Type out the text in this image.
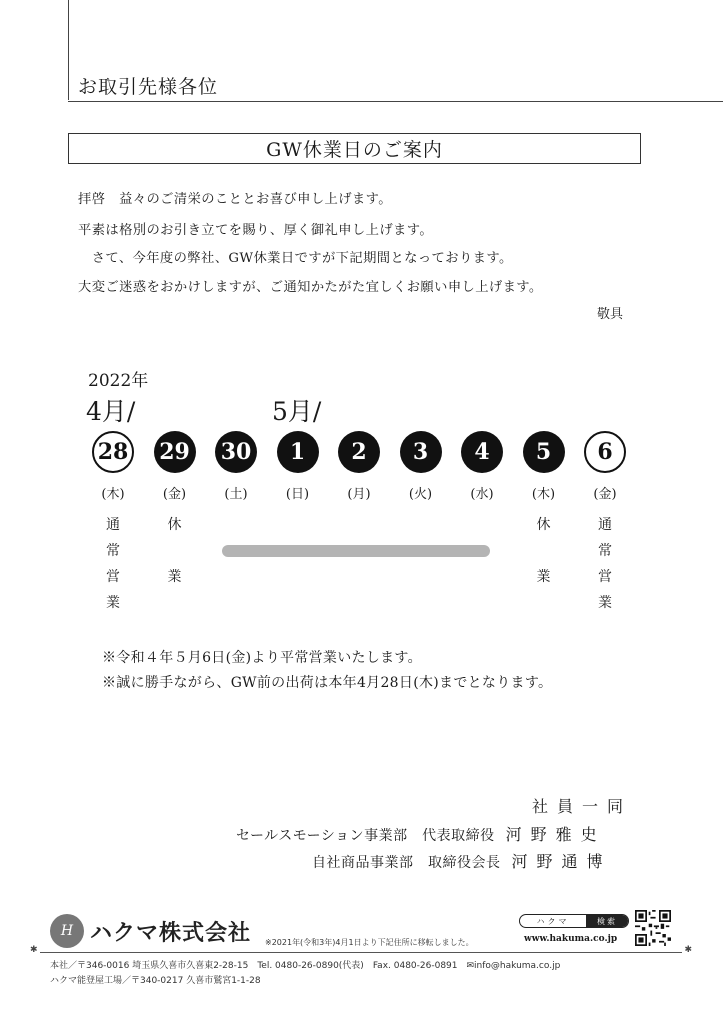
お取引先様各位
GW休業日のご案内

拝啓　益々のご清栄のこととお喜び申し上げます。

平素は格別のお引き立てを賜り、厚く御礼申し上げます。

　さて、今年度の弊社、GW休業日ですが下記期間となっております。

大変ご迷惑をおかけしますが、ご通知かたがた宜しくお願い申し上げます。

敬具
2022年
4月/	5月/
28
(木)
通
常
営
業
29
(金)
休

業
30
(土)
1
(日)
2
(月)
3
(火)
4
(水)
5
(木)
休

業
6
(金)
通
常
営
業
※令和４年５月6日(金)より平常営業いたします。
※誠に勝手ながら、GW前の出荷は本年4月28日(木)までとなります。
社員一同
セールスモーション事業部　代表取締役 河野雅史
自社商品事業部　取締役会長 河野通博
H ハクマ株式会社 ※2021年(令和3年)4月1日より下記住所に移転しました。
ハクマ	検索
www.hakuma.co.jp
✱ ✱
本社／〒346-0016 埼玉県久喜市久喜東2-28-15　Tel. 0480-26-0890(代表)　Fax. 0480-26-0891　✉info@hakuma.co.jp
ハクマ能登屋工場／〒340-0217 久喜市鷲宮1-1-28
